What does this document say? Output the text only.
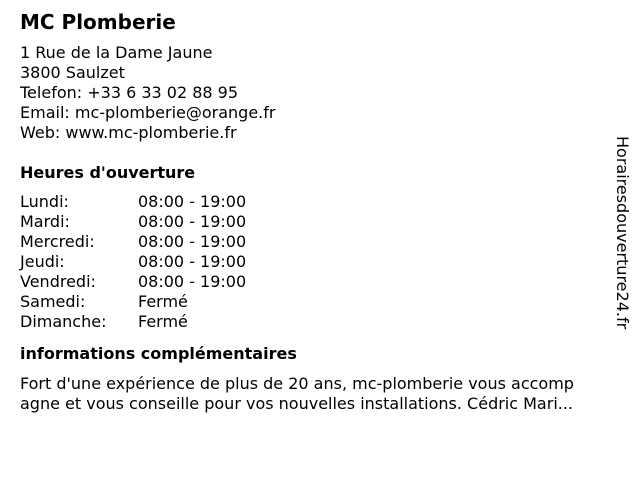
MC Plomberie
1 Rue de la Dame Jaune
3800 Saulzet
Telefon: +33 6 33 02 88 95
Email: mc-plomberie@orange.fr
Web: www.mc-plomberie.fr
Heures d'ouverture
Lundi:	08:00 - 19:00
Mardi:	08:00 - 19:00
Mercredi:	08:00 - 19:00
Jeudi:	08:00 - 19:00
Vendredi:	08:00 - 19:00
Samedi:	Fermé
Dimanche:	Fermé
informations complémentaires
Fort d'une expérience de plus de 20 ans, mc-plomberie vous accomp
agne et vous conseille pour vos nouvelles installations. Cédric Mari...
Horairesdouverture24.fr
